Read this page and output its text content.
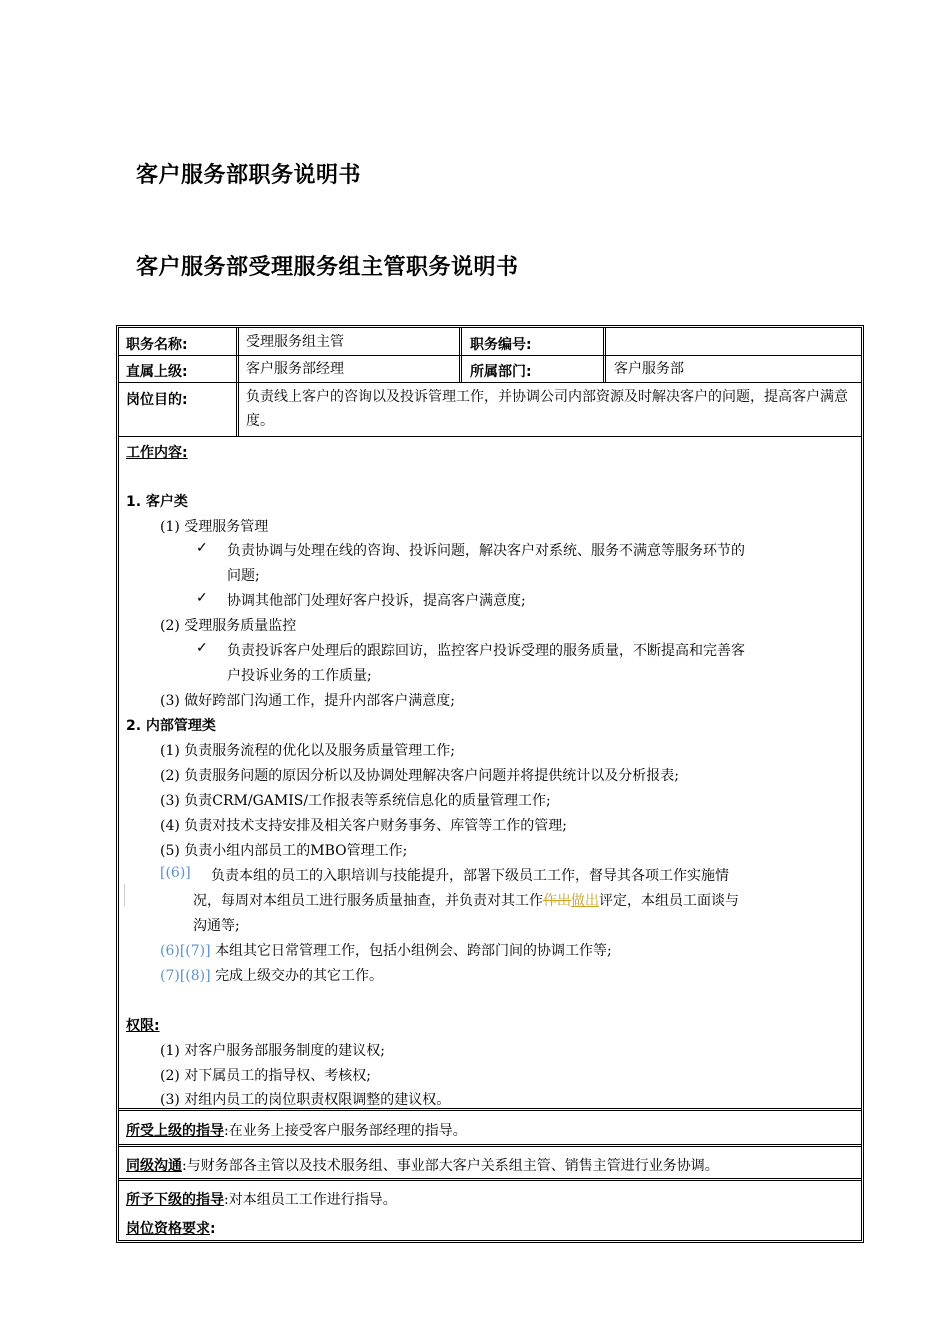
客户服务部职务说明书
客户服务部受理服务组主管职务说明书
职务名称:	受理服务组主管	职务编号:
直属上级:	客户服务部经理	所属部门:	客户服务部
岗位目的:	负责线上客户的咨询以及投诉管理工作，并协调公司内部资源及时解决客户的问题，提高客户满意度。
工作内容:
1. 客户类
(1) 受理服务管理
✓ 负责协调与处理在线的咨询、投诉问题，解决客户对系统、服务不满意等服务环节的
问题;
✓ 协调其他部门处理好客户投诉，提高客户满意度;
(2) 受理服务质量监控
✓ 负责投诉客户处理后的跟踪回访，监控客户投诉受理的服务质量，不断提高和完善客
户投诉业务的工作质量;
(3) 做好跨部门沟通工作，提升内部客户满意度;
2. 内部管理类
(1) 负责服务流程的优化以及服务质量管理工作;
(2) 负责服务问题的原因分析以及协调处理解决客户问题并将提供统计以及分析报表;
(3) 负责CRM/GAMIS/工作报表等系统信息化的质量管理工作;
(4) 负责对技术支持安排及相关客户财务事务、库管等工作的管理;
(5) 负责小组内部员工的MBO管理工作;
[(6)] 负责本组的员工的入职培训与技能提升，部署下级员工工作，督导其各项工作实施情
况，每周对本组员工进行服务质量抽查，并负责对其工作作出做出评定，本组员工面谈与
沟通等;
(6)[(7)] 本组其它日常管理工作，包括小组例会、跨部门间的协调工作等;
(7)[(8)] 完成上级交办的其它工作。
权限:
(1) 对客户服务部服务制度的建议权;
(2) 对下属员工的指导权、考核权;
(3) 对组内员工的岗位职责权限调整的建议权。
所受上级的指导:在业务上接受客户服务部经理的指导。
同级沟通:与财务部各主管以及技术服务组、事业部大客户关系组主管、销售主管进行业务协调。
所予下级的指导:对本组员工工作进行指导。
岗位资格要求:
